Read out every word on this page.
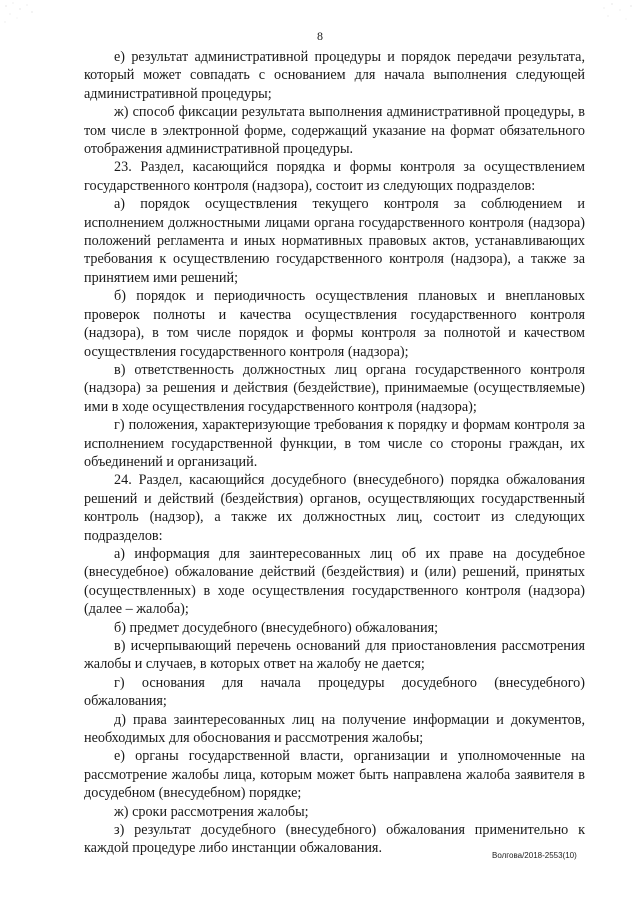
8

е) результат административной процедуры и порядок передачи результата, который может совпадать с основанием для начала выполнения следующей административной процедуры;

ж) способ фиксации результата выполнения административной процедуры, в том числе в электронной форме, содержащий указание на формат обязательного отображения административной процедуры.

23. Раздел, касающийся порядка и формы контроля за осуществлением государственного контроля (надзора), состоит из следующих подразделов:

а) порядок осуществления текущего контроля за соблюдением и исполнением должностными лицами органа государственного контроля (надзора) положений регламента и иных нормативных правовых актов, устанавливающих требования к осуществлению государственного контроля (надзора), а также за принятием ими решений;

б) порядок и периодичность осуществления плановых и внеплановых проверок полноты и качества осуществления государственного контроля (надзора), в том числе порядок и формы контроля за полнотой и качеством осуществления государственного контроля (надзора);

в) ответственность должностных лиц органа государственного контроля (надзора) за решения и действия (бездействие), принимаемые (осуществляемые) ими в ходе осуществления государственного контроля (надзора);

г) положения, характеризующие требования к порядку и формам контроля за исполнением государственной функции, в том числе со стороны граждан, их объединений и организаций.

24. Раздел, касающийся досудебного (внесудебного) порядка обжалования решений и действий (бездействия) органов, осуществляющих государственный контроль (надзор), а также их должностных лиц, состоит из следующих подразделов:

а) информация для заинтересованных лиц об их праве на досудебное (внесудебное) обжалование действий (бездействия) и (или) решений, принятых (осуществленных) в ходе осуществления государственного контроля (надзора) (далее – жалоба);

б) предмет досудебного (внесудебного) обжалования;

в) исчерпывающий перечень оснований для приостановления рассмотрения жалобы и случаев, в которых ответ на жалобу не дается;

г) основания для начала процедуры досудебного (внесудебного) обжалования;

д) права заинтересованных лиц на получение информации и документов, необходимых для обоснования и рассмотрения жалобы;

е) органы государственной власти, организации и уполномоченные на рассмотрение жалобы лица, которым может быть направлена жалоба заявителя в досудебном (внесудебном) порядке;

ж) сроки рассмотрения жалобы;

з) результат досудебного (внесудебного) обжалования применительно к каждой процедуре либо инстанции обжалования.	Волгова/2018-2553(10)
